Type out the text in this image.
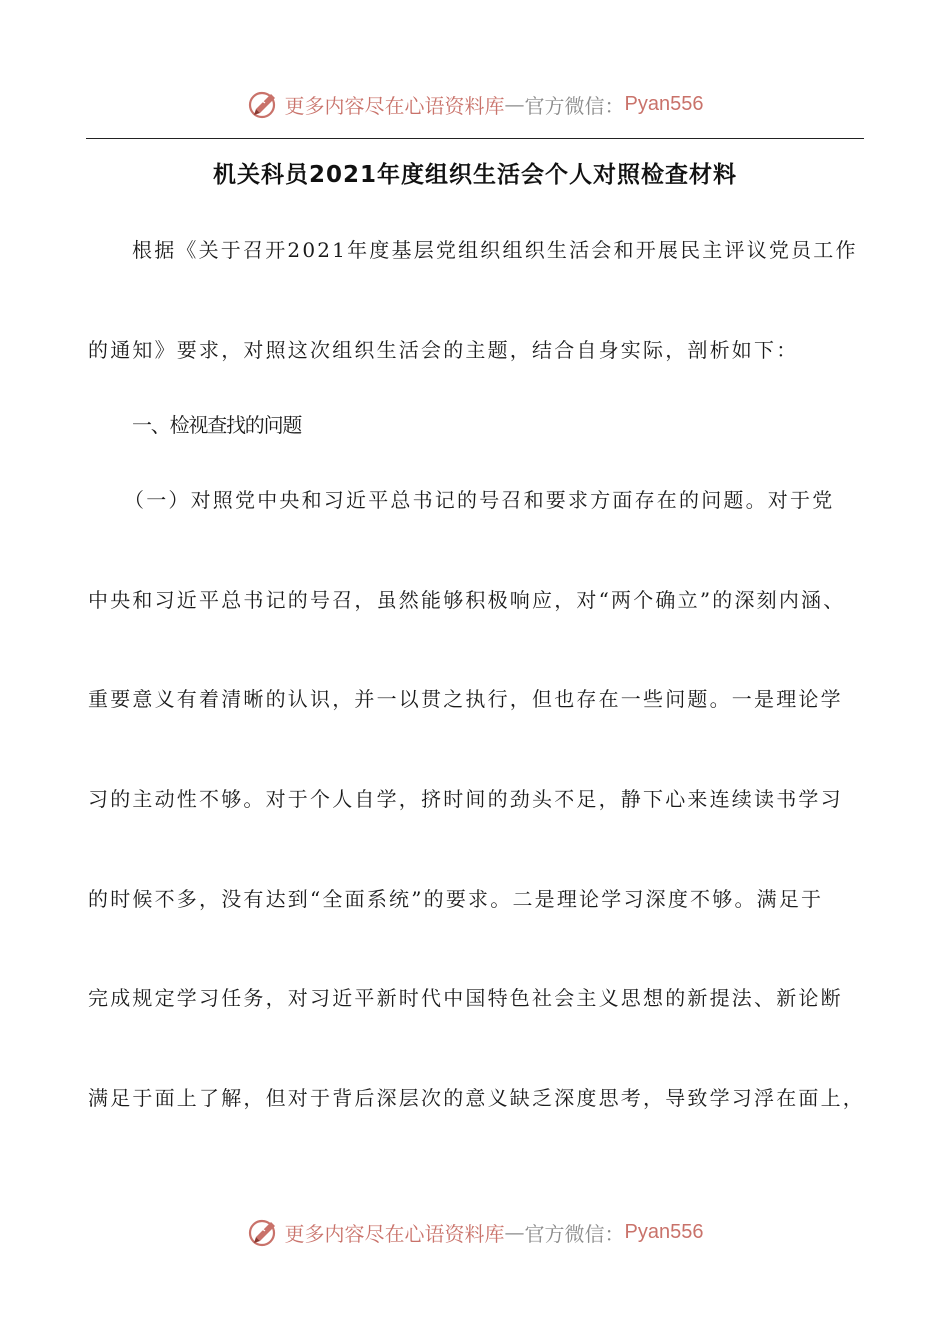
更多内容尽在心语资料库 — 官方微信： Pyan556
机关科员2021年度组织生活会个人对照检查材料
根据《关于召开2021年度基层党组织组织生活会和开展民主评议党员工作
的通知》要求，对照这次组织生活会的主题，结合自身实际，剖析如下：
一、检视查找的问题
（一）对照党中央和习近平总书记的号召和要求方面存在的问题。对于党
中央和习近平总书记的号召，虽然能够积极响应，对“两个确立”的深刻内涵、
重要意义有着清晰的认识，并一以贯之执行，但也存在一些问题。一是理论学
习的主动性不够。对于个人自学，挤时间的劲头不足，静下心来连续读书学习
的时候不多，没有达到“全面系统”的要求。二是理论学习深度不够。满足于
完成规定学习任务，对习近平新时代中国特色社会主义思想的新提法、新论断
满足于面上了解，但对于背后深层次的意义缺乏深度思考，导致学习浮在面上，
更多内容尽在心语资料库 — 官方微信： Pyan556
